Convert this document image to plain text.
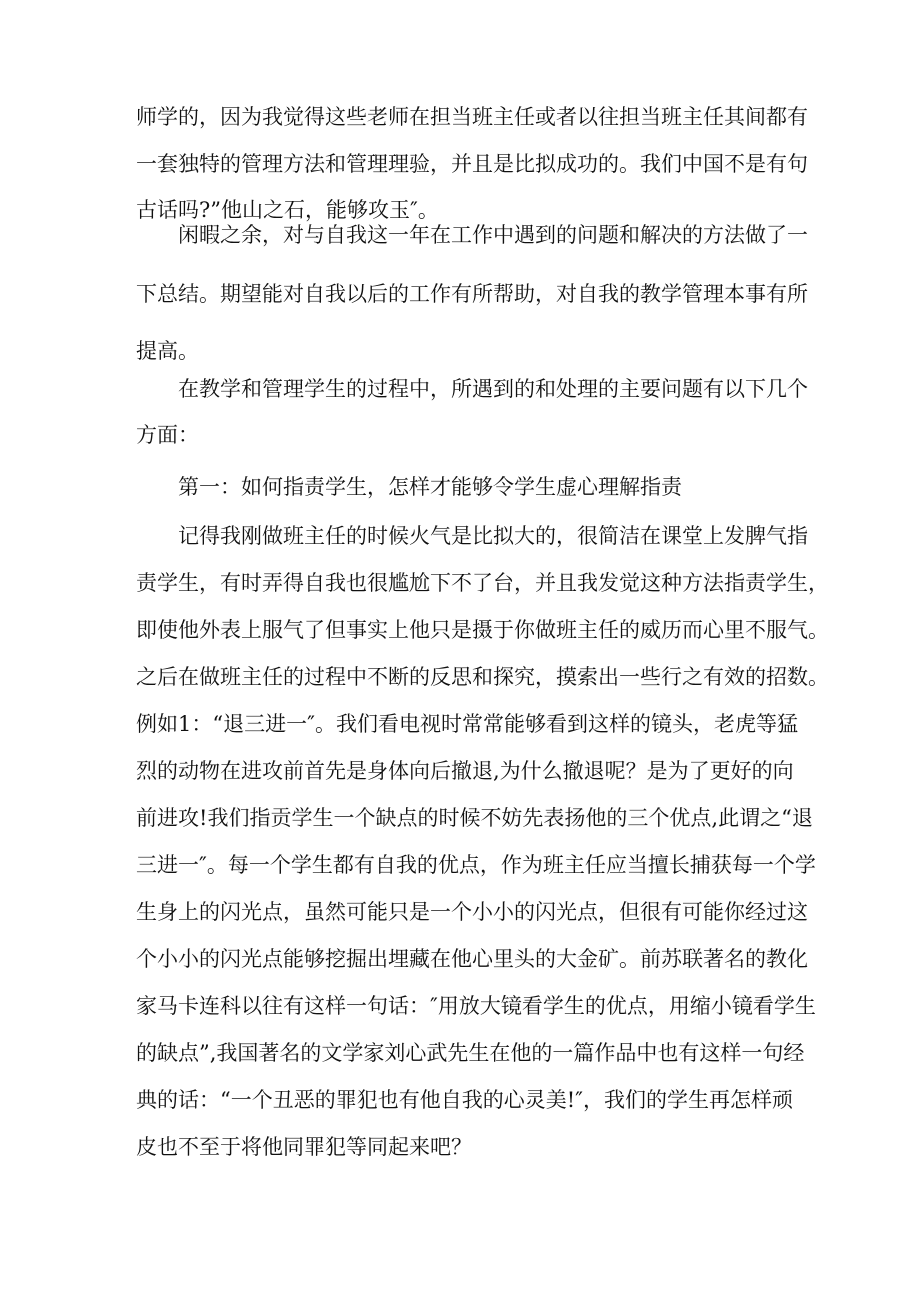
师学的，因为我觉得这些老师在担当班主任或者以往担当班主任其间都有
一套独特的管理方法和管理理验，并且是比拟成功的。我们中国不是有句
古话吗?”他山之石，能够攻玉″。
闲暇之余，对与自我这一年在工作中遇到的问题和解决的方法做了一
下总结。期望能对自我以后的工作有所帮助，对自我的教学管理本事有所
提高。
在教学和管理学生的过程中，所遇到的和处理的主要问题有以下几个
方面：
第一：如何指责学生，怎样才能够令学生虚心理解指责
记得我刚做班主任的时候火气是比拟大的，很简洁在课堂上发脾气指
责学生，有时弄得自我也很尴尬下不了台，并且我发觉这种方法指责学生，
即使他外表上服气了但事实上他只是摄于你做班主任的威历而心里不服气。
之后在做班主任的过程中不断的反思和探究，摸索出一些行之有效的招数。
例如1：“退三进一″。我们看电视时常常能够看到这样的镜头，老虎等猛
烈的动物在进攻前首先是身体向后撤退,为什么撤退呢？是为了更好的向
前进攻!我们指贡学生一个缺点的时候不妨先表扬他的三个优点,此谓之“退
三进一″。每一个学生都有自我的优点，作为班主任应当擅长捕获每一个学
生身上的闪光点，虽然可能只是一个小小的闪光点，但很有可能你经过这
个小小的闪光点能够挖掘出埋藏在他心里头的大金矿。前苏联著名的教化
家马卡连科以往有这样一句话：″用放大镜看学生的优点，用缩小镜看学生
的缺点”,我国著名的文学家刘心武先生在他的一篇作品中也有这样一句经
典的话：“一个丑恶的罪犯也有他自我的心灵美!″，我们的学生再怎样顽
皮也不至于将他同罪犯等同起来吧？
